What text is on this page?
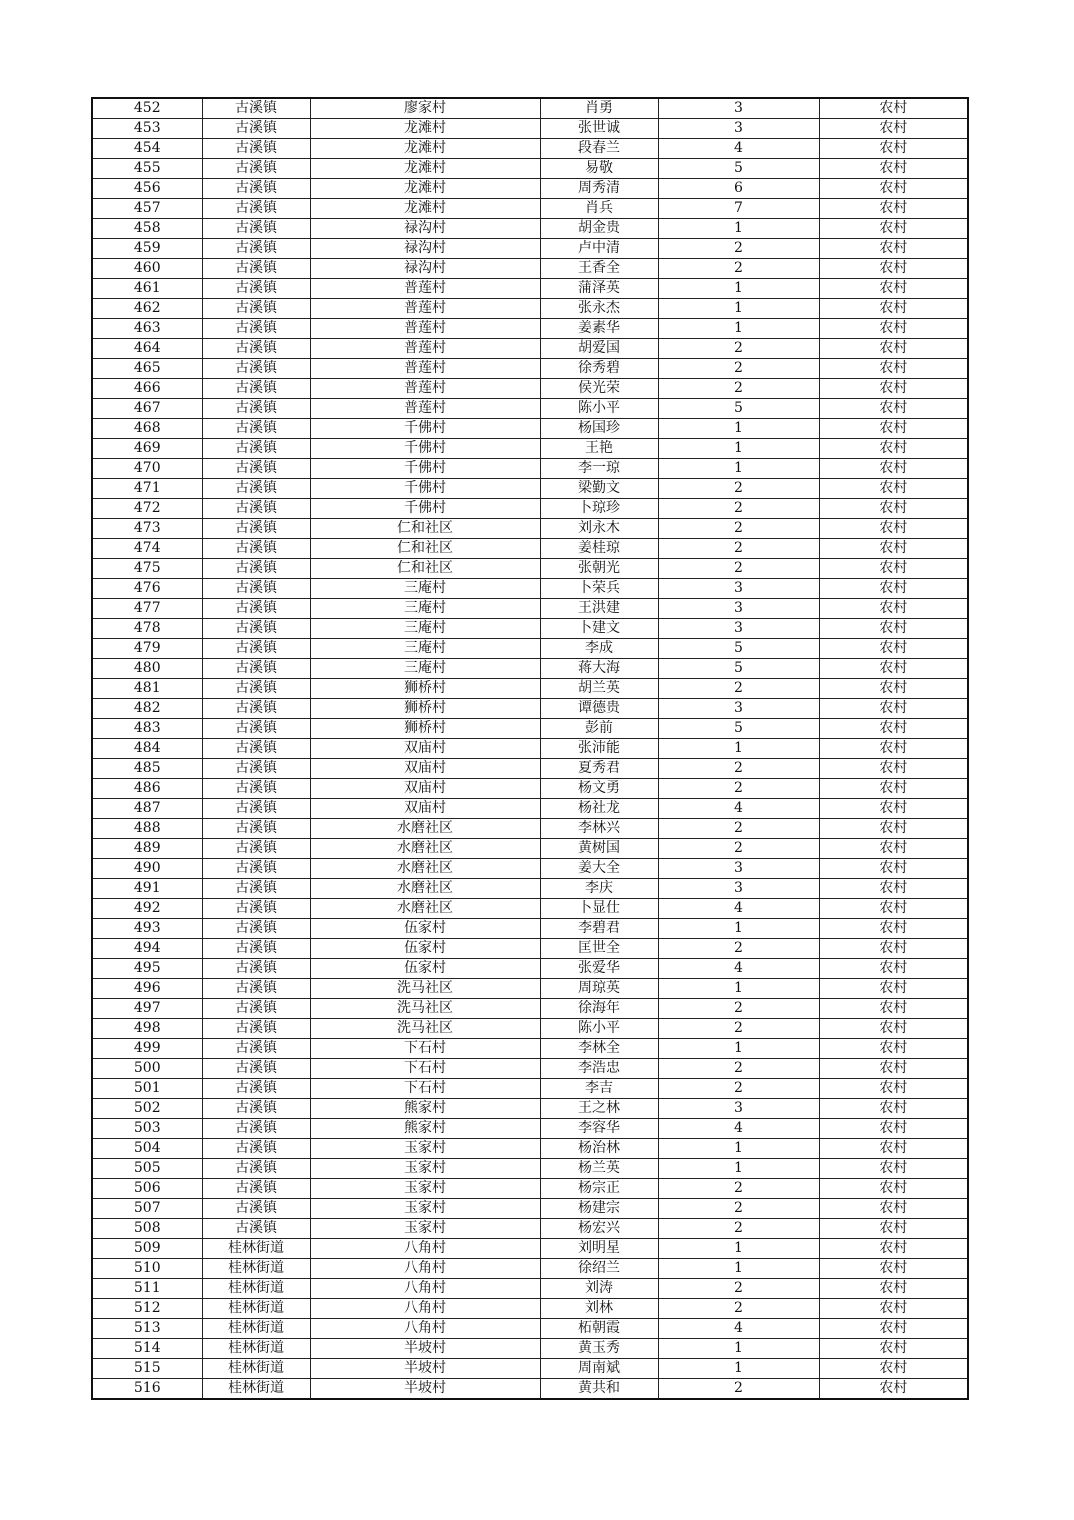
452	古溪镇	廖家村	肖勇	3	农村
453	古溪镇	龙滩村	张世诚	3	农村
454	古溪镇	龙滩村	段春兰	4	农村
455	古溪镇	龙滩村	易敬	5	农村
456	古溪镇	龙滩村	周秀清	6	农村
457	古溪镇	龙滩村	肖兵	7	农村
458	古溪镇	禄沟村	胡金贵	1	农村
459	古溪镇	禄沟村	卢中清	2	农村
460	古溪镇	禄沟村	王香全	2	农村
461	古溪镇	普莲村	蒲泽英	1	农村
462	古溪镇	普莲村	张永杰	1	农村
463	古溪镇	普莲村	姜素华	1	农村
464	古溪镇	普莲村	胡爱国	2	农村
465	古溪镇	普莲村	徐秀碧	2	农村
466	古溪镇	普莲村	侯光荣	2	农村
467	古溪镇	普莲村	陈小平	5	农村
468	古溪镇	千佛村	杨国珍	1	农村
469	古溪镇	千佛村	王艳	1	农村
470	古溪镇	千佛村	李一琼	1	农村
471	古溪镇	千佛村	梁勤文	2	农村
472	古溪镇	千佛村	卜琼珍	2	农村
473	古溪镇	仁和社区	刘永木	2	农村
474	古溪镇	仁和社区	姜桂琼	2	农村
475	古溪镇	仁和社区	张朝光	2	农村
476	古溪镇	三庵村	卜荣兵	3	农村
477	古溪镇	三庵村	王洪建	3	农村
478	古溪镇	三庵村	卜建文	3	农村
479	古溪镇	三庵村	李成	5	农村
480	古溪镇	三庵村	蒋大海	5	农村
481	古溪镇	狮桥村	胡兰英	2	农村
482	古溪镇	狮桥村	谭德贵	3	农村
483	古溪镇	狮桥村	彭前	5	农村
484	古溪镇	双庙村	张沛能	1	农村
485	古溪镇	双庙村	夏秀君	2	农村
486	古溪镇	双庙村	杨文勇	2	农村
487	古溪镇	双庙村	杨社龙	4	农村
488	古溪镇	水磨社区	李林兴	2	农村
489	古溪镇	水磨社区	黄树国	2	农村
490	古溪镇	水磨社区	姜大全	3	农村
491	古溪镇	水磨社区	李庆	3	农村
492	古溪镇	水磨社区	卜显仕	4	农村
493	古溪镇	伍家村	李碧君	1	农村
494	古溪镇	伍家村	匡世全	2	农村
495	古溪镇	伍家村	张爱华	4	农村
496	古溪镇	洗马社区	周琼英	1	农村
497	古溪镇	洗马社区	徐海年	2	农村
498	古溪镇	洗马社区	陈小平	2	农村
499	古溪镇	下石村	李林全	1	农村
500	古溪镇	下石村	李浩忠	2	农村
501	古溪镇	下石村	李吉	2	农村
502	古溪镇	熊家村	王之林	3	农村
503	古溪镇	熊家村	李容华	4	农村
504	古溪镇	玉家村	杨治林	1	农村
505	古溪镇	玉家村	杨兰英	1	农村
506	古溪镇	玉家村	杨宗正	2	农村
507	古溪镇	玉家村	杨建宗	2	农村
508	古溪镇	玉家村	杨宏兴	2	农村
509	桂林街道	八角村	刘明星	1	农村
510	桂林街道	八角村	徐绍兰	1	农村
511	桂林街道	八角村	刘涛	2	农村
512	桂林街道	八角村	刘林	2	农村
513	桂林街道	八角村	柘朝霞	4	农村
514	桂林街道	半坡村	黄玉秀	1	农村
515	桂林街道	半坡村	周南斌	1	农村
516	桂林街道	半坡村	黄共和	2	农村
